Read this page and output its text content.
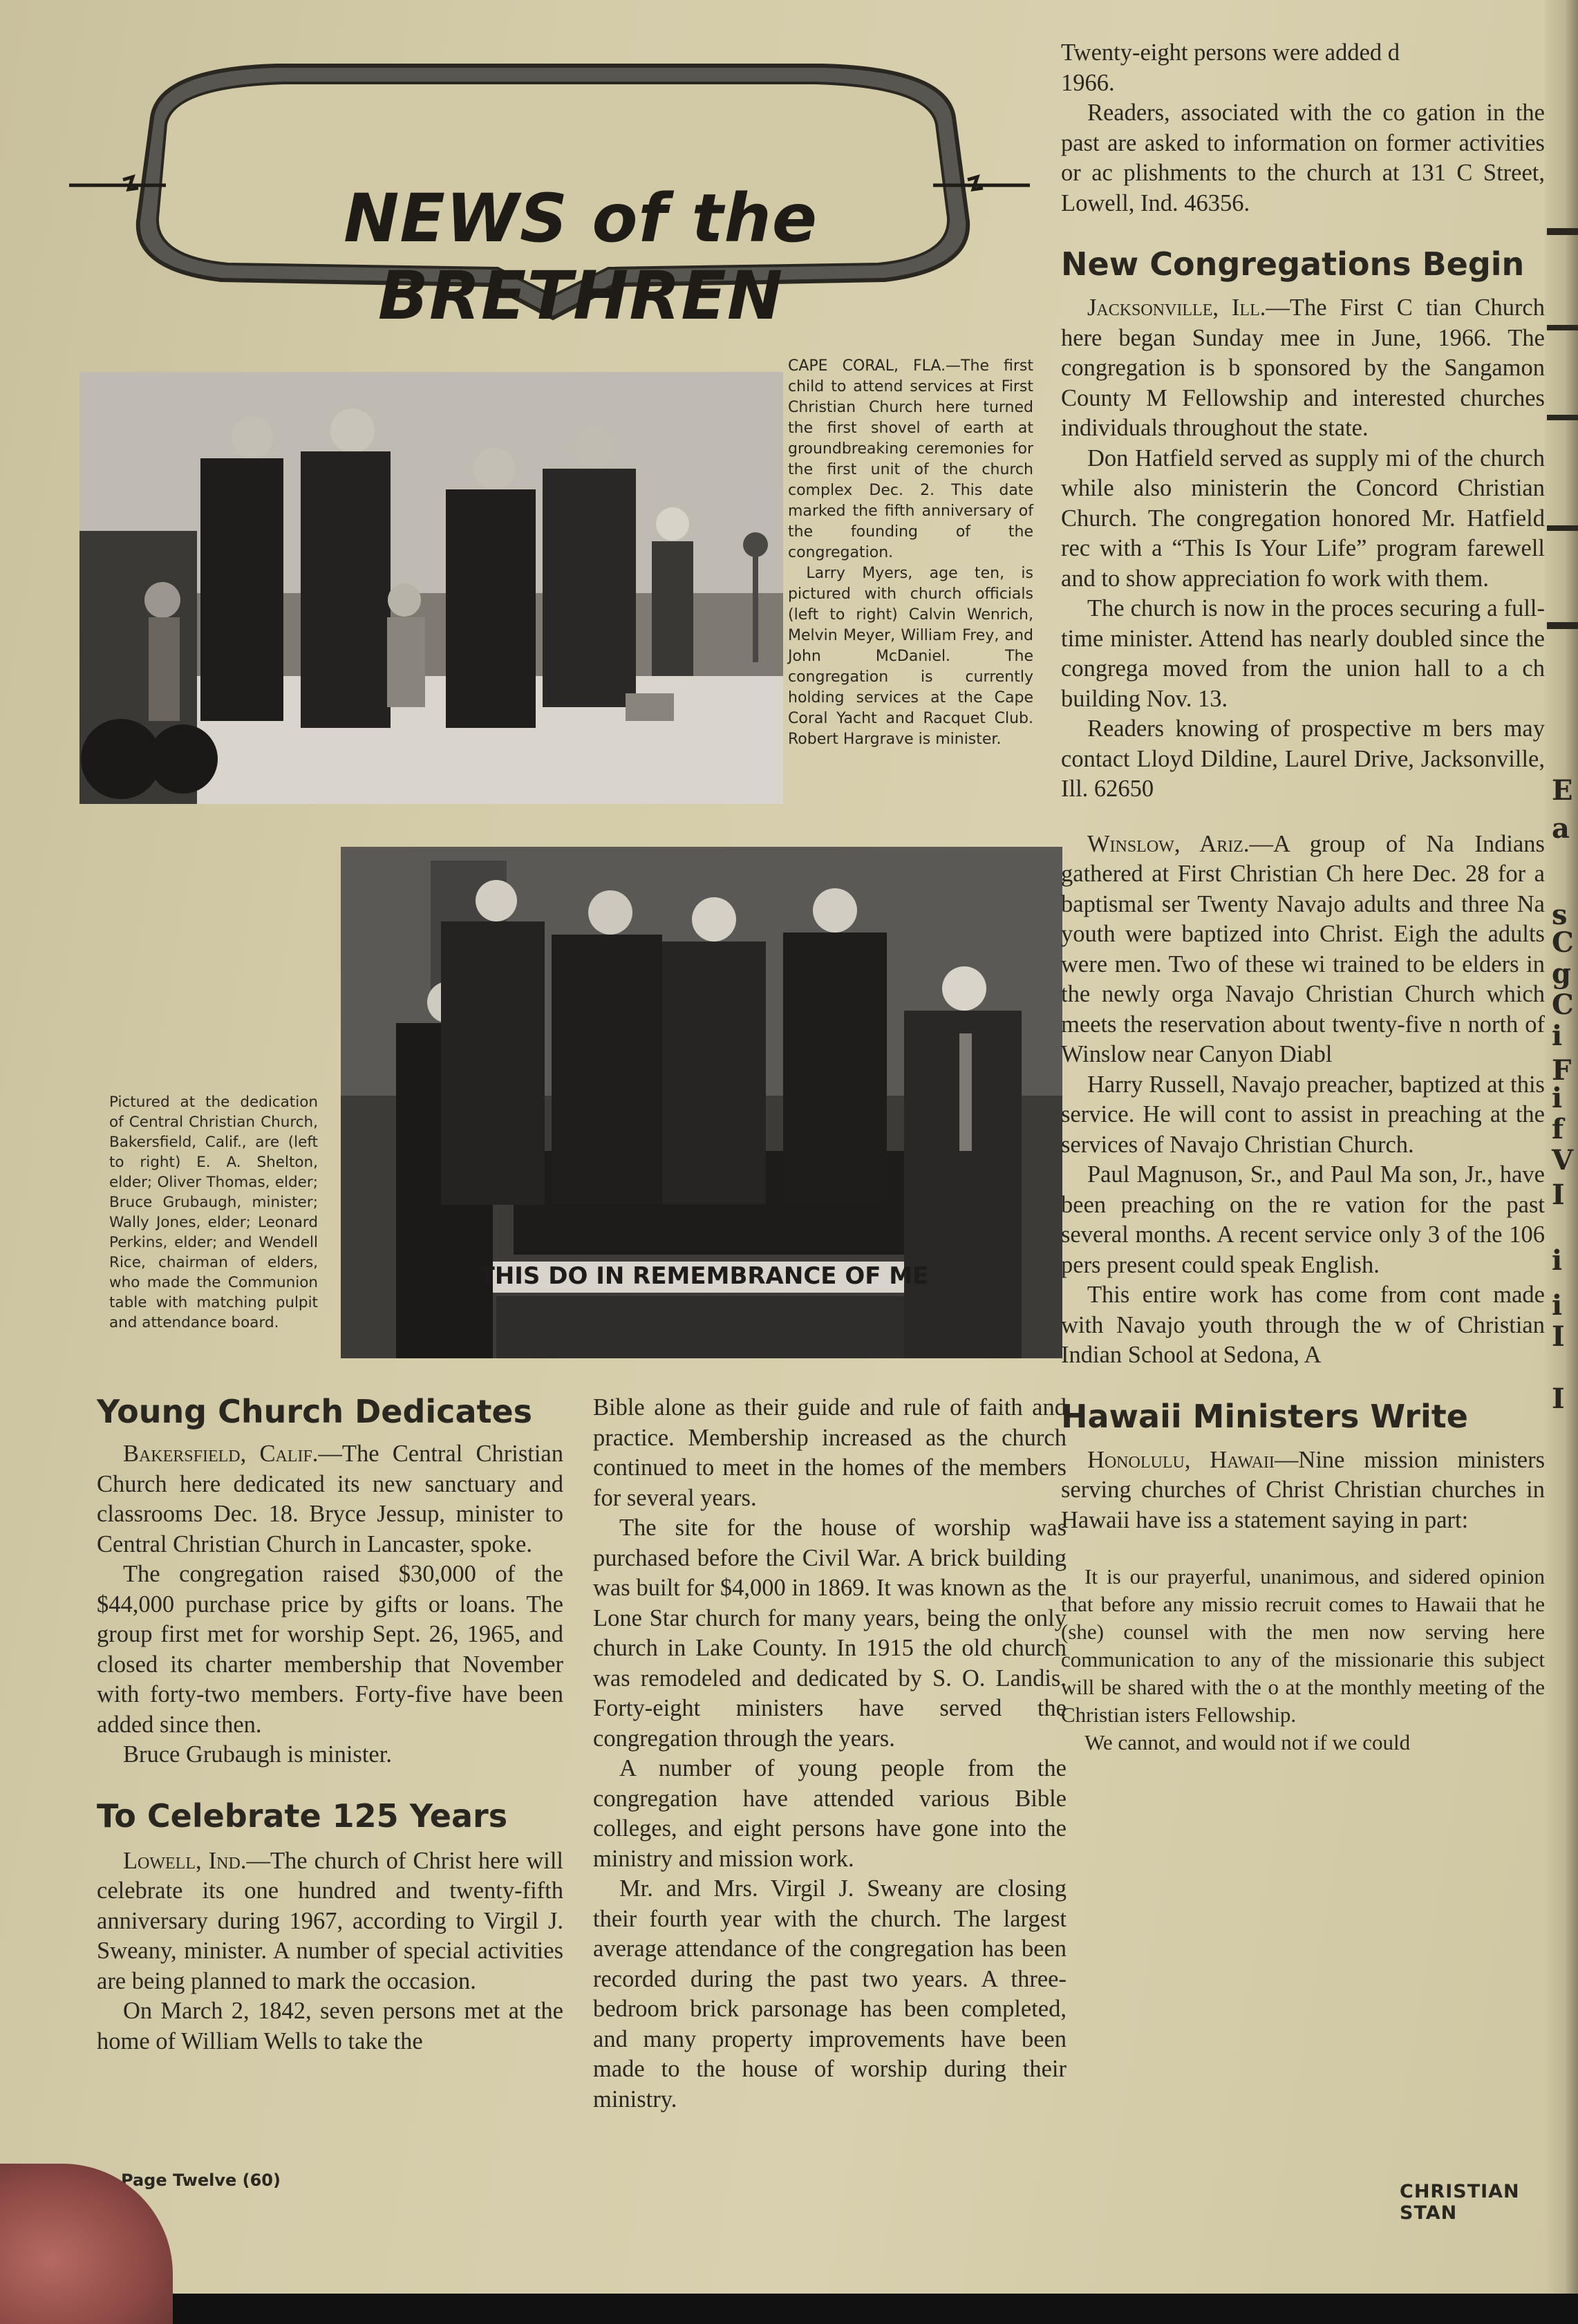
NEWS of the BRETHREN

CAPE CORAL, FLA.—The first child to attend services at First Christian Church here turned the first shovel of earth at groundbreaking ceremonies for the first unit of the church complex Dec. 2. This date marked the fifth anniversary of the founding of the congregation.

Larry Myers, age ten, is pictured with church officials (left to right) Calvin Wenrich, Melvin Meyer, William Frey, and John McDaniel. The congregation is currently holding services at the Cape Coral Yacht and Racquet Club. Robert Hargrave is minister.

THIS DO IN REMEMBRANCE OF ME

Pictured at the dedication of Central Christian Church, Bakersfield, Calif., are (left to right) E. A. Shelton, elder; Oliver Thomas, elder; Bruce Grubaugh, minister; Wally Jones, elder; Leonard Perkins, elder; and Wendell Rice, chairman of elders, who made the Communion table with matching pulpit and attendance board.

Young Church Dedicates

Bakersfield, Calif.—The Central Christian Church here dedicated its new sanctuary and classrooms Dec. 18. Bryce Jessup, minister to Central Christian Church in Lancaster, spoke.

The congregation raised $30,000 of the $44,000 purchase price by gifts or loans. The group first met for worship Sept. 26, 1965, and closed its charter membership that November with forty-two members. Forty-five have been added since then.

Bruce Grubaugh is minister.

To Celebrate 125 Years

Lowell, Ind.—The church of Christ here will celebrate its one hundred and twenty-fifth anniversary during 1967, according to Virgil J. Sweany, minister. A number of special activities are being planned to mark the occasion.

On March 2, 1842, seven persons met at the home of William Wells to take the

Bible alone as their guide and rule of faith and practice. Membership increased as the church continued to meet in the homes of the members for several years.

The site for the house of worship was purchased before the Civil War. A brick building was built for $4,000 in 1869. It was known as the Lone Star church for many years, being the only church in Lake County. In 1915 the old church was remodeled and dedicated by S. O. Landis. Forty-eight ministers have served the congregation through the years.

A number of young people from the congregation have attended various Bible colleges, and eight persons have gone into the ministry and mission work.

Mr. and Mrs. Virgil J. Sweany are closing their fourth year with the church. The largest average attendance of the congregation has been recorded during the past two years. A three-bedroom brick parsonage has been completed, and many property improvements have been made to the house of worship during their ministry.

Twenty-eight persons were added d
1966.

Readers, associated with the co gation in the past are asked to information on former activities or ac plishments to the church at 131 C Street, Lowell, Ind. 46356.

New Congregations Begin

Jacksonville, Ill.—The First C tian Church here began Sunday mee in June, 1966. The congregation is b sponsored by the Sangamon County M Fellowship and interested churches individuals throughout the state.

Don Hatfield served as supply mi of the church while also ministerin the Concord Christian Church. The congregation honored Mr. Hatfield rec with a “This Is Your Life” program farewell and to show appreciation fo work with them.

The church is now in the proces securing a full-time minister. Attend has nearly doubled since the congrega moved from the union hall to a ch building Nov. 13.

Readers knowing of prospective m bers may contact Lloyd Dildine, Laurel Drive, Jacksonville, Ill. 62650

Winslow, Ariz.—A group of Na Indians gathered at First Christian Ch here Dec. 28 for a baptismal ser Twenty Navajo adults and three Na youth were baptized into Christ. Eigh the adults were men. Two of these wi trained to be elders in the newly orga Navajo Christian Church which meets the reservation about twenty-five n north of Winslow near Canyon Diabl

Harry Russell, Navajo preacher, baptized at this service. He will cont to assist in preaching at the services of Navajo Christian Church.

Paul Magnuson, Sr., and Paul Ma son, Jr., have been preaching on the re vation for the past several months. A recent service only 3 of the 106 pers present could speak English.

This entire work has come from cont made with Navajo youth through the w of Christian Indian School at Sedona, A

Hawaii Ministers Write

Honolulu, Hawaii—Nine mission ministers serving churches of Christ Christian churches in Hawaii have iss a statement saying in part:

It is our prayerful, unanimous, and sidered opinion that before any missio recruit comes to Hawaii that he (she) counsel with the men now serving here communication to any of the missionarie this subject will be shared with the o at the monthly meeting of the Christian isters Fellowship.

We cannot, and would not if we could

E
a
s
C
g
C
i
F
i
f
V
I
i
i
I
I
Page Twelve (60)
CHRISTIAN STAN
